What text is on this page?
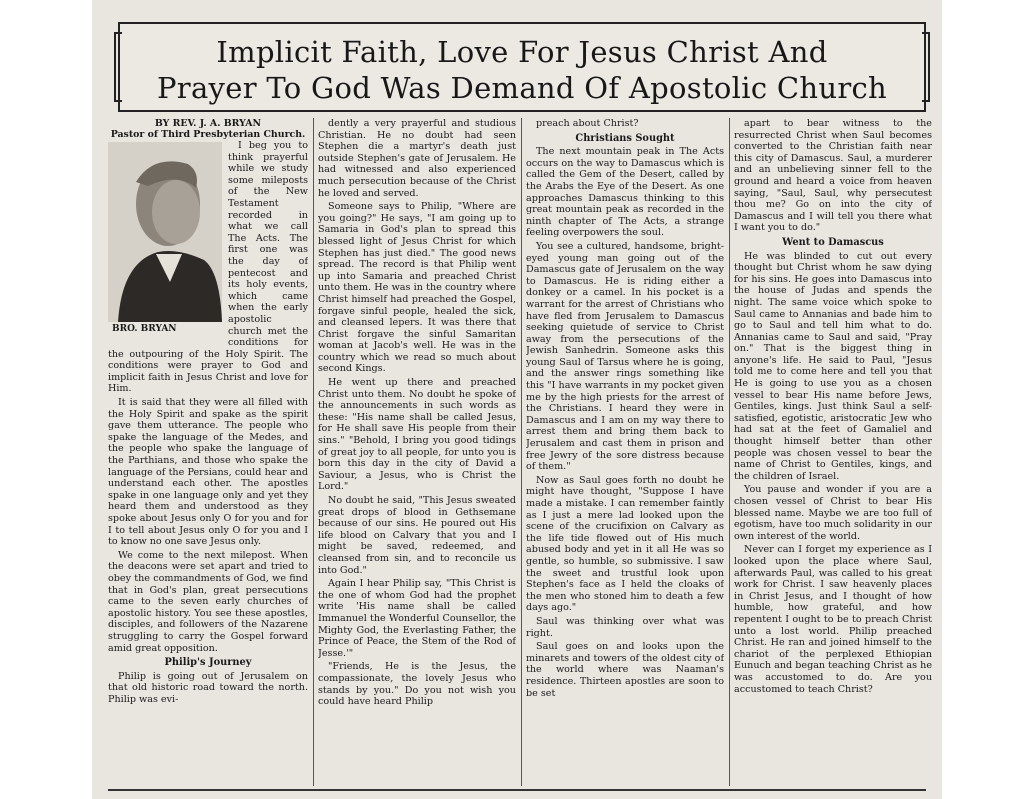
Implicit Faith, Love For Jesus Christ And
Prayer To God Was Demand Of Apostolic Church
BY REV. J. A. BRYAN
Pastor of Third Presbyterian Church.
BRO. BRYAN

I beg you to think prayerful while we study some mileposts of the New Testament recorded in what we call The Acts. The first one was the day of pentecost and its holy events, which came when the early apostolic church met the conditions for the outpouring of the Holy Spirit. The conditions were prayer to God and implicit faith in Jesus Christ and love for Him.

It is said that they were all filled with the Holy Spirit and spake as the spirit gave them utterance. The people who spake the language of the Medes, and the people who spake the language of the Parthians, and those who spake the language of the Persians, could hear and understand each other. The apostles spake in one language only and yet they heard them and understood as they spoke about Jesus only O for you and for I to tell about Jesus only O for you and I to know no one save Jesus only.

We come to the next milepost. When the deacons were set apart and tried to obey the commandments of God, we find that in God's plan, great persecutions came to the seven early churches of apostolic history. You see these apostles, disciples, and followers of the Nazarene struggling to carry the Gospel forward amid great opposition.

Philip's Journey

Philip is going out of Jerusalem on that old historic road toward the north. Philip was evi-

dently a very prayerful and studious Christian. He no doubt had seen Stephen die a martyr's death just outside Stephen's gate of Jerusalem. He had witnessed and also experienced much persecution because of the Christ he loved and served.

Someone says to Philip, "Where are you going?" He says, "I am going up to Samaria in God's plan to spread this blessed light of Jesus Christ for which Stephen has just died." The good news spread. The record is that Philip went up into Samaria and preached Christ unto them. He was in the country where Christ himself had preached the Gospel, forgave sinful people, healed the sick, and cleansed lepers. It was there that Christ forgave the sinful Samaritan woman at Jacob's well. He was in the country which we read so much about second Kings.

He went up there and preached Christ unto them. No doubt he spoke of the announcements in such words as these: "His name shall be called Jesus, for He shall save His people from their sins." "Behold, I bring you good tidings of great joy to all people, for unto you is born this day in the city of David a Saviour, a Jesus, who is Christ the Lord."

No doubt he said, "This Jesus sweated great drops of blood in Gethsemane because of our sins. He poured out His life blood on Calvary that you and I might be saved, redeemed, and cleansed from sin, and to reconcile us into God."

Again I hear Philip say, "This Christ is the one of whom God had the prophet write 'His name shall be called Immanuel the Wonderful Counsellor, the Mighty God, the Everlasting Father, the Prince of Peace, the Stem of the Rod of Jesse.'"

"Friends, He is the Jesus, the compassionate, the lovely Jesus who stands by you." Do you not wish you could have heard Philip

preach about Christ?

Christians Sought

The next mountain peak in The Acts occurs on the way to Damascus which is called the Gem of the Desert, called by the Arabs the Eye of the Desert. As one approaches Damascus thinking to this great mountain peak as recorded in the ninth chapter of The Acts, a strange feeling overpowers the soul.

You see a cultured, handsome, bright-eyed young man going out of the Damascus gate of Jerusalem on the way to Damascus. He is riding either a donkey or a camel. In his pocket is a warrant for the arrest of Christians who have fled from Jerusalem to Damascus seeking quietude of service to Christ away from the persecutions of the Jewish Sanhedrin. Someone asks this young Saul of Tarsus where he is going, and the answer rings something like this "I have warrants in my pocket given me by the high priests for the arrest of the Christians. I heard they were in Damascus and I am on my way there to arrest them and bring them back to Jerusalem and cast them in prison and free Jewry of the sore distress because of them."

Now as Saul goes forth no doubt he might have thought, "Suppose I have made a mistake. I can remember faintly as I just a mere lad looked upon the scene of the crucifixion on Calvary as the life tide flowed out of His much abused body and yet in it all He was so gentle, so humble, so submissive. I saw the sweet and trustful look upon Stephen's face as I held the cloaks of the men who stoned him to death a few days ago."

Saul was thinking over what was right.

Saul goes on and looks upon the minarets and towers of the oldest city of the world where was Naaman's residence. Thirteen apostles are soon to be set

apart to bear witness to the resurrected Christ when Saul becomes converted to the Christian faith near this city of Damascus. Saul, a murderer and an unbelieving sinner fell to the ground and heard a voice from heaven saying, "Saul, Saul, why persecutest thou me? Go on into the city of Damascus and I will tell you there what I want you to do."

Went to Damascus

He was blinded to cut out every thought but Christ whom he saw dying for his sins. He goes into Damascus into the house of Judas and spends the night. The same voice which spoke to Saul came to Annanias and bade him to go to Saul and tell him what to do. Annanias came to Saul and said, "Pray on." That is the biggest thing in anyone's life. He said to Paul, "Jesus told me to come here and tell you that He is going to use you as a chosen vessel to bear His name before Jews, Gentiles, kings. Just think Saul a self-satisfied, egotistic, aristocratic Jew who had sat at the feet of Gamaliel and thought himself better than other people was chosen vessel to bear the name of Christ to Gentiles, kings, and the children of Israel.

You pause and wonder if you are a chosen vessel of Christ to bear His blessed name. Maybe we are too full of egotism, have too much solidarity in our own interest of the world.

Never can I forget my experience as I looked upon the place where Saul, afterwards Paul, was called to his great work for Christ. I saw heavenly places in Christ Jesus, and I thought of how humble, how grateful, and how repentent I ought to be to preach Christ unto a lost world. Philip preached Christ. He ran and joined himself to the chariot of the perplexed Ethiopian Eunuch and began teaching Christ as he was accustomed to do. Are you accustomed to teach Christ?
